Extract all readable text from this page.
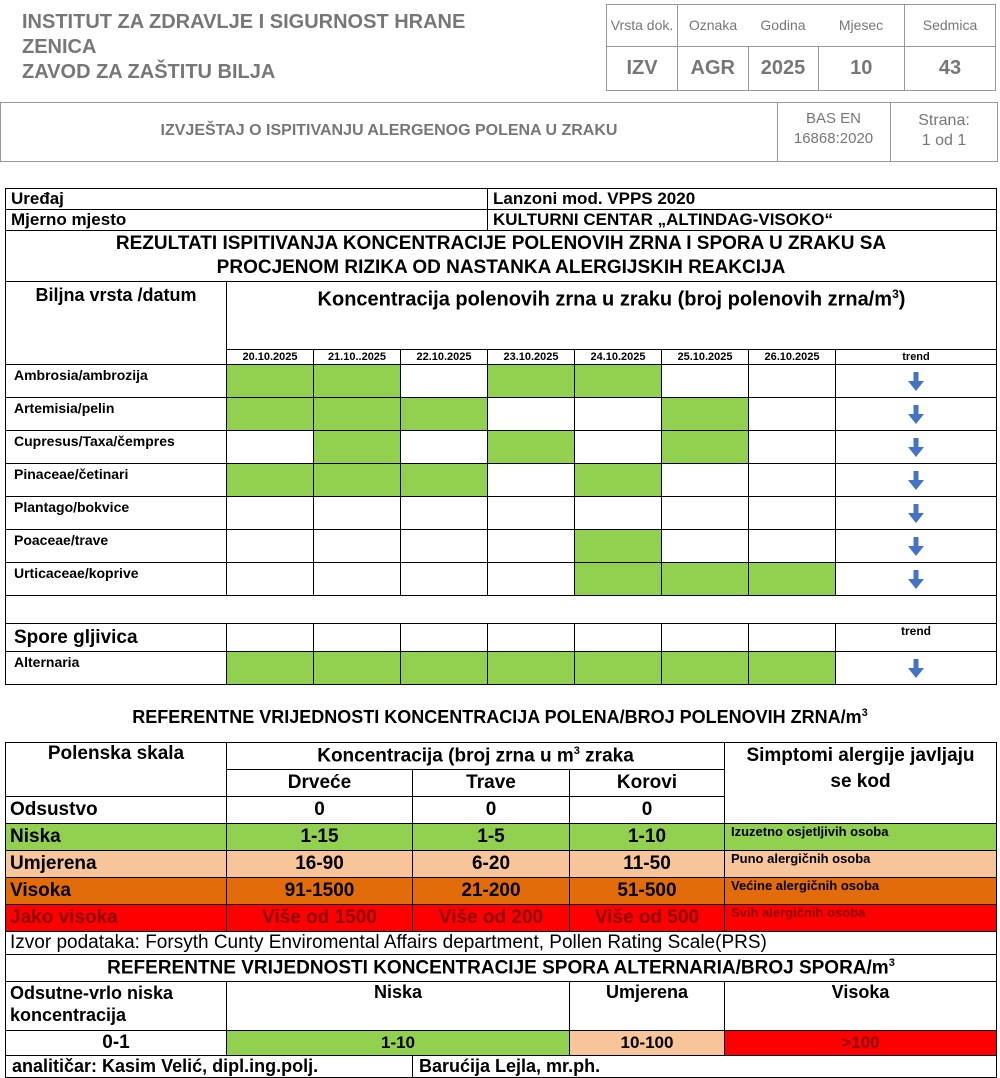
INSTITUT ZA ZDRAVLJE I SIGURNOST HRANE
ZENICA
ZAVOD ZA ZAŠTITU BILJA
Vrsta dok.	Oznaka	Godina	Mjesec	Sedmica
IZV	AGR	2025	10	43
IZVJEŠTAJ O ISPITIVANJU ALERGENOG POLENA U ZRAKU
BAS EN
16868:2020
Strana:
1 od 1
Uređaj				Lanzoni mod. VPPS 2020				
Mjerno mjesto				KULTURNI CENTAR „ALTINDAG-VISOKO“				

REZULTATI ISPITIVANJA KONCENTRACIJE POLENOVIH ZRNA I SPORA U ZRAKU SA
PROCJENOM RIZIKA OD NASTANKA ALERGIJSKIH REAKCIJA								

Biljna vrsta /datum	Koncentracija polenovih zrna u zraku (broj polenovih zrna/$m^3$)							
	20.10.2025	21.10..2025	22.10.2025	23.10.2025	24.10.2025	25.10.2025	26.10.2025	trend
Ambrosia/ambrozija								
Artemisia/pelin								
Cupresus/Taxa/čempres								
Pinaceae/četinari								
Plantago/bokvice								
Poaceae/trave								
Urticaceae/koprive								

Spore gljivica								trend
Alternaria								
REFERENTNE VRIJEDNOSTI KONCENTRACIJA POLENA/BROJ POLENOVIH ZRNA/$m^3$
Polenska skala	Koncentracija (broj zrna u $m^3$ zraka			Simptomi alergije javljaju se kod
	Drveće	Trave	Korovi	
Odsustvo	0	0	0	
Niska	1-15	1-5	1-10	Izuzetno osjetljivih osoba
Umjerena	16-90	6-20	11-50	Puno alergičnih osoba
Visoka	91-1500	21-200	51-500	Većine alergičnih osoba
Jako visoka	Više od 1500	Više od 200	Više od 500	Svih alergičnih osoba
Izvor podataka: Forsyth Cunty Enviromental Affairs department, Pollen Rating Scale(PRS)				
REFERENTNE VRIJEDNOSTI KONCENTRACIJE SPORA ALTERNARIA/BROJ SPORA/$m^3$
Odsutne-vrlo niska koncentracija	Niska		Umjerena	Visoka
0-1	1-10		10-100	>100
analitičar: Kasim Velić, dipl.ing.polj.		Barućija Lejla, mr.ph.		
